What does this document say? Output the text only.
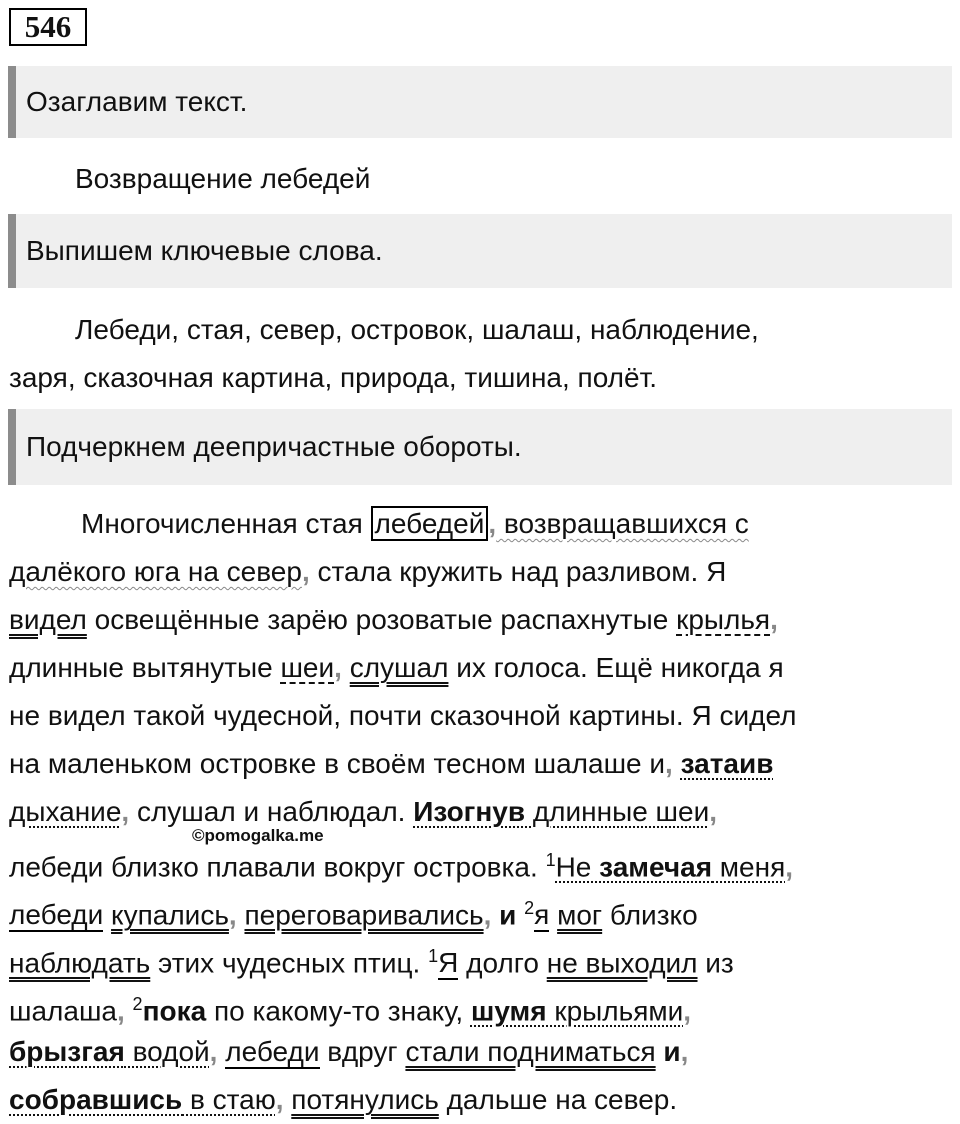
546
Озаглавим текст.
Возвращение лебедей
Выпишем ключевые слова.
Лебеди, стая, север, островок, шалаш, наблюдение,
заря, сказочная картина, природа, тишина, полёт.
Подчеркнем деепричастные обороты.
Многочисленная стая лебедей , возвращавшихся с
далёкого юга на север, стала кружить над разливом. Я
видел освещённые зарёю розоватые распахнутые крылья,
длинные вытянутые шеи, слушал их голоса. Ещё никогда я
не видел такой чудесной, почти сказочной картины. Я сидел
на маленьком островке в своём тесном шалаше и, затаив
дыхание, слушал и наблюдал. Изогнув длинные шеи,
лебеди близко плавали вокруг островка. $^1$Не замечая меня,
лебеди купались, переговаривались, и $^2$я мог близко
наблюдать этих чудесных птиц. $^1$Я долго не выходил из
шалаша, $^2$пока по какому-то знаку, шумя крыльями,
брызгая водой, лебеди вдруг стали подниматься и,
собравшись в стаю, потянулись дальше на север.
©pomogalka.me
